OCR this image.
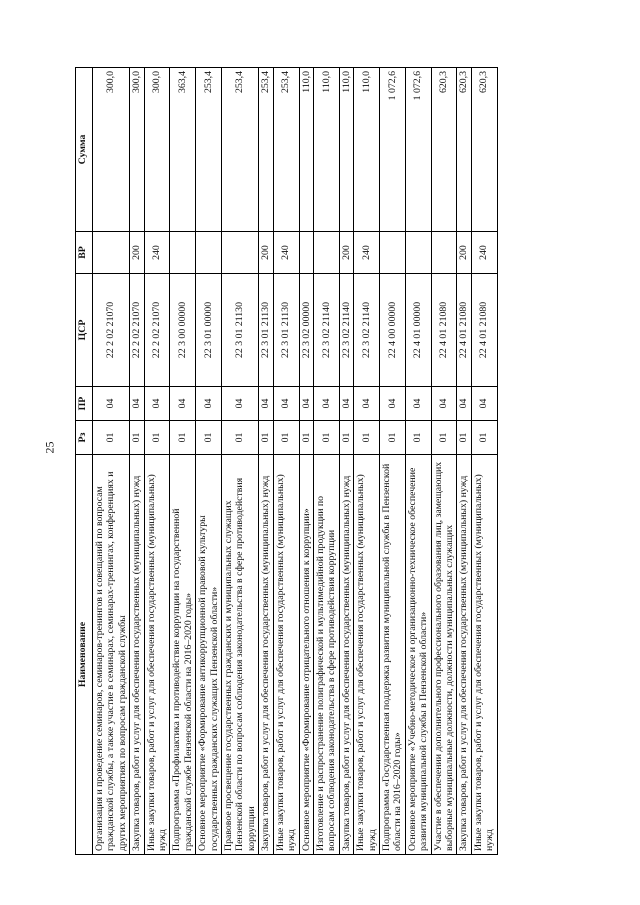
25
Наименование	Рз	ПР	ЦСР	ВР	Сумма
Организация и проведение семинаров, семинаров-тренингов и совещаний по вопросам гражданской службы, а также участие в семинарах, семинарах-тренингах, конференциях и других мероприятиях по вопросам гражданской службы	01	04	22 2 02 21070		300,0
Закупка товаров, работ и услуг для обеспечения государственных (муниципальных) нужд	01	04	22 2 02 21070	200	300,0
Иные закупки товаров, работ и услуг для обеспечения государственных (муниципальных) нужд	01	04	22 2 02 21070	240	300,0
Подпрограмма «Профилактика и противодействие коррупции на государственной гражданской службе Пензенской области на 2016–2020 годы»	01	04	22 3 00 00000		363,4
Основное мероприятие «Формирование антикоррупционной правовой культуры государственных гражданских служащих Пензенской области»	01	04	22 3 01 00000		253,4
Правовое просвещение государственных гражданских и муниципальных служащих Пензенской области по вопросам соблюдения законодательства в сфере противодействия коррупции	01	04	22 3 01 21130		253,4
Закупка товаров, работ и услуг для обеспечения государственных (муниципальных) нужд	01	04	22 3 01 21130	200	253,4
Иные закупки товаров, работ и услуг для обеспечения государственных (муниципальных) нужд	01	04	22 3 01 21130	240	253,4
Основное мероприятие «Формирование отрицательного отношения к коррупции»	01	04	22 3 02 00000		110,0
Изготовление и распространение полиграфической и мультимедийной продукции по вопросам соблюдения законодательства в сфере противодействия коррупции	01	04	22 3 02 21140		110,0
Закупка товаров, работ и услуг для обеспечения государственных (муниципальных) нужд	01	04	22 3 02 21140	200	110,0
Иные закупки товаров, работ и услуг для обеспечения государственных (муниципальных) нужд	01	04	22 3 02 21140	240	110,0
Подпрограмма «Государственная поддержка развития муниципальной службы в Пензенской области на 2016–2020 годы»	01	04	22 4 00 00000		1 072,6
Основное мероприятие «Учебно-методическое и организационно-техническое обеспечение развития муниципальной службы в Пензенской области»	01	04	22 4 01 00000		1 072,6
Участие в обеспечении дополнительного профессионального образования лиц, замещающих выборные муниципальные должности, должности муниципальных служащих	01	04	22 4 01 21080		620,3
Закупка товаров, работ и услуг для обеспечения государственных (муниципальных) нужд	01	04	22 4 01 21080	200	620,3
Иные закупки товаров, работ и услуг для обеспечения государственных (муниципальных) нужд	01	04	22 4 01 21080	240	620,3
